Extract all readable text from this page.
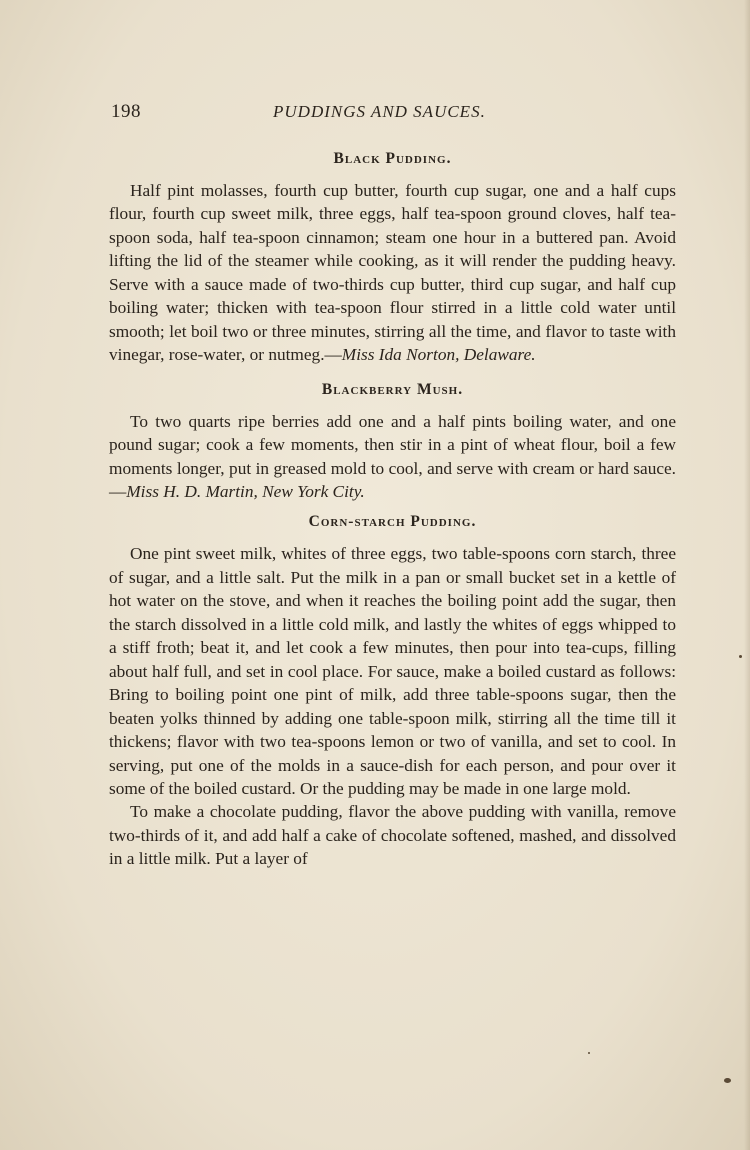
198	PUDDINGS AND SAUCES.
Black Pudding.

Half pint molasses, fourth cup butter, fourth cup sugar, one and a half cups flour, fourth cup sweet milk, three eggs, half tea-spoon ground cloves, half tea-spoon soda, half tea-spoon cinnamon; steam one hour in a buttered pan. Avoid lifting the lid of the steamer while cooking, as it will render the pudding heavy. Serve with a sauce made of two-thirds cup butter, third cup sugar, and half cup boiling water; thicken with tea-spoon flour stirred in a little cold water until smooth; let boil two or three minutes, stirring all the time, and flavor to taste with vinegar, rose-water, or nutmeg.—Miss Ida Norton, Delaware.

Blackberry Mush.

To two quarts ripe berries add one and a half pints boiling water, and one pound sugar; cook a few moments, then stir in a pint of wheat flour, boil a few moments longer, put in greased mold to cool, and serve with cream or hard sauce.—Miss H. D. Martin, New York City.

Corn-starch Pudding.

One pint sweet milk, whites of three eggs, two table-spoons corn starch, three of sugar, and a little salt. Put the milk in a pan or small bucket set in a kettle of hot water on the stove, and when it reaches the boiling point add the sugar, then the starch dissolved in a little cold milk, and lastly the whites of eggs whipped to a stiff froth; beat it, and let cook a few minutes, then pour into tea-cups, filling about half full, and set in cool place. For sauce, make a boiled custard as follows: Bring to boiling point one pint of milk, add three table-spoons sugar, then the beaten yolks thinned by adding one table-spoon milk, stirring all the time till it thickens; flavor with two tea-spoons lemon or two of vanilla, and set to cool. In serving, put one of the molds in a sauce-dish for each person, and pour over it some of the boiled custard. Or the pudding may be made in one large mold.

To make a chocolate pudding, flavor the above pudding with vanilla, remove two-thirds of it, and add half a cake of chocolate softened, mashed, and dissolved in a little milk. Put a layer of
